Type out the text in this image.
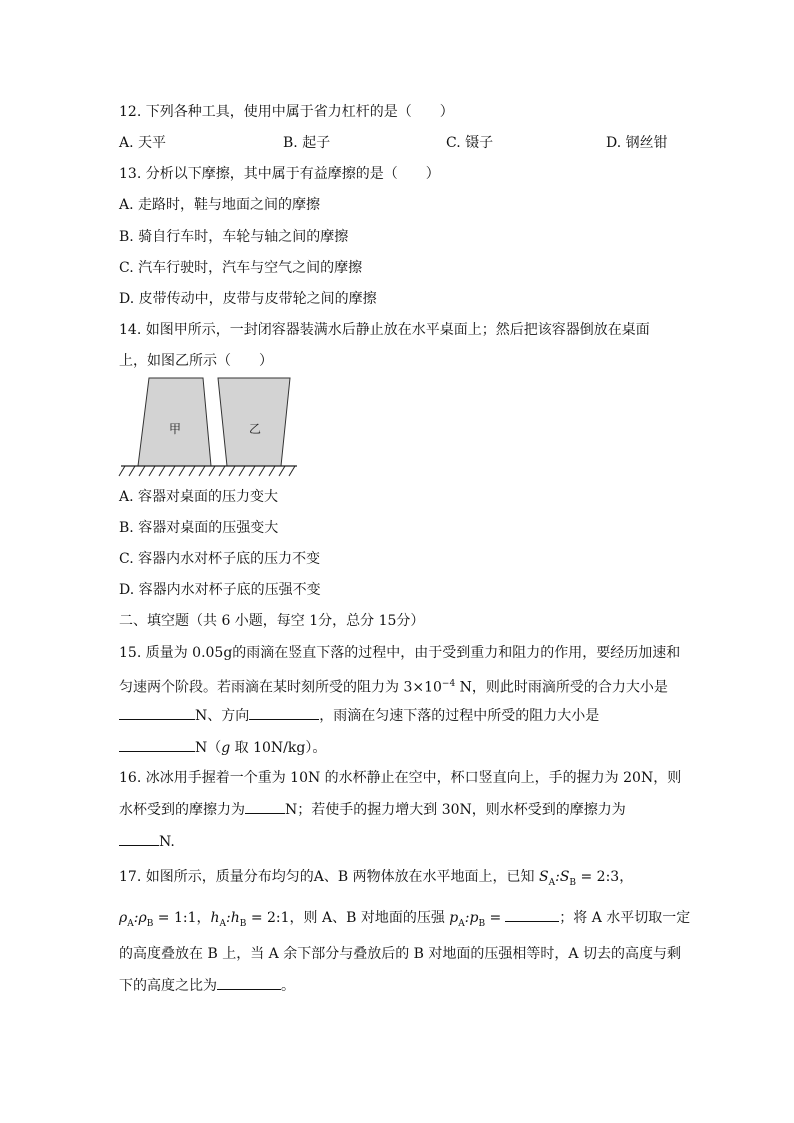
12. 下列各种工具，使用中属于省力杠杆的是（　　）
A. 天平	B. 起子	C. 镊子	D. 钢丝钳
13. 分析以下摩擦，其中属于有益摩擦的是（　　）
A. 走路时，鞋与地面之间的摩擦
B. 骑自行车时，车轮与轴之间的摩擦
C. 汽车行驶时，汽车与空气之间的摩擦
D. 皮带传动中，皮带与皮带轮之间的摩擦
14. 如图甲所示，一封闭容器装满水后静止放在水平桌面上；然后把该容器倒放在桌面
上，如图乙所示（　　）
甲	乙
A. 容器对桌面的压力变大
B. 容器对桌面的压强变大
C. 容器内水对杯子底的压力不变
D. 容器内水对杯子底的压强不变
二、填空题（共 6 小题，每空 1分，总分 15分）
15. 质量为 0.05g的雨滴在竖直下落的过程中，由于受到重力和阻力的作用，要经历加速和
匀速两个阶段。若雨滴在某时刻所受的阻力为 $3\times 10^{-4}$ N，则此时雨滴所受的合力大小是
N、方向	，雨滴在匀速下落的过程中所受的阻力大小是
N（g 取 10N/kg）。
16. 冰冰用手握着一个重为 10N 的水杯静止在空中，杯口竖直向上，手的握力为 20N，则
水杯受到的摩擦力为	N；若使手的握力增大到 30N，则水杯受到的摩擦力为
N.
17. 如图所示，质量分布均匀的A、B 两物体放在水平地面上，已知 $S_A:S_B$ = 2:3，
$\rho_A:\rho_B$ = 1:1，$h_A:h_B$ = 2:1，则 A、B 对地面的压强 $p_A:p_B$ =	；将 A 水平切取一定
的高度叠放在 B 上，当 A 余下部分与叠放后的 B 对地面的压强相等时，A 切去的高度与剩
下的高度之比为	。
